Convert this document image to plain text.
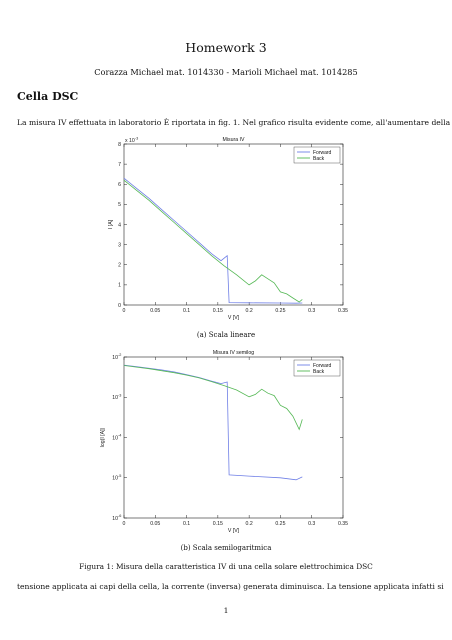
Homework 3
Corazza Michael mat. 1014330 - Marioli Michael mat. 1014285
Cella DSC
La misura IV effettuata in laboratorio È riportata in fig. 1. Nel grafico risulta evidente come, all'aumentare della
0	0.05	0.1	0.15	0.2	0.25	0.3	0.35
0
1
2
3
4
5
6
7
8
x $10^{-3}$	Misura IV
V [V]
I [A]
Forward
Back
(a) Scala lineare
0	0.05	0.1	0.15	0.2	0.25	0.3	0.35
10 -2
10 -3
10 -4
10 -5
10 -6
Misura IV semilog
V [V]
log(I [A])
Forward
Back
(b) Scala semilogaritmica
Figura 1: Misura della caratteristica IV di una cella solare elettrochimica DSC
tensione applicata ai capi della cella, la corrente (inversa) generata diminuisca. La tensione applicata infatti si
1
